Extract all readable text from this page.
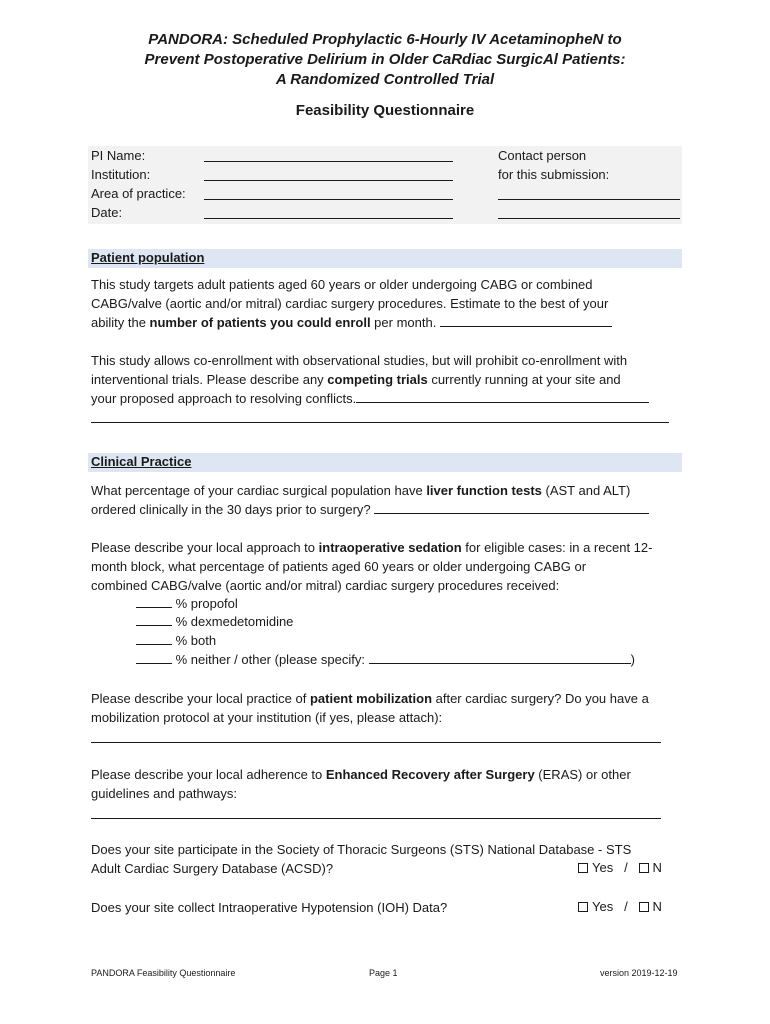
PANDORA: Scheduled Prophylactic 6-Hourly IV AcetaminopheN to
Prevent Postoperative Delirium in Older CaRdiac SurgicAl Patients:
A Randomized Controlled Trial
Feasibility Questionnaire
PI Name:
Institution:
Area of practice:
Date:
Contact person
for this submission:
Patient population
This study targets adult patients aged 60 years or older undergoing CABG or combined
CABG/valve (aortic and/or mitral) cardiac surgery procedures. Estimate to the best of your
ability the number of patients you could enroll per month.
This study allows co-enrollment with observational studies, but will prohibit co-enrollment with
interventional trials. Please describe any competing trials currently running at your site and
your proposed approach to resolving conflicts.
Clinical Practice
What percentage of your cardiac surgical population have liver function tests (AST and ALT)
ordered clinically in the 30 days prior to surgery?
Please describe your local approach to intraoperative sedation for eligible cases: in a recent 12-
month block, what percentage of patients aged 60 years or older undergoing CABG or
combined CABG/valve (aortic and/or mitral) cardiac surgery procedures received:
% propofol
% dexmedetomidine
% both
% neither / other (please specify:	)
Please describe your local practice of patient mobilization after cardiac surgery? Do you have a
mobilization protocol at your institution (if yes, please attach):
Please describe your local adherence to Enhanced Recovery after Surgery (ERAS) or other
guidelines and pathways:
Does your site participate in the Society of Thoracic Surgeons (STS) National Database - STS
Adult Cardiac Surgery Database (ACSD)?	Yes / N
Does your site collect Intraoperative Hypotension (IOH) Data?	Yes / N
PANDORA Feasibility Questionnaire	Page 1	version 2019-12-19
